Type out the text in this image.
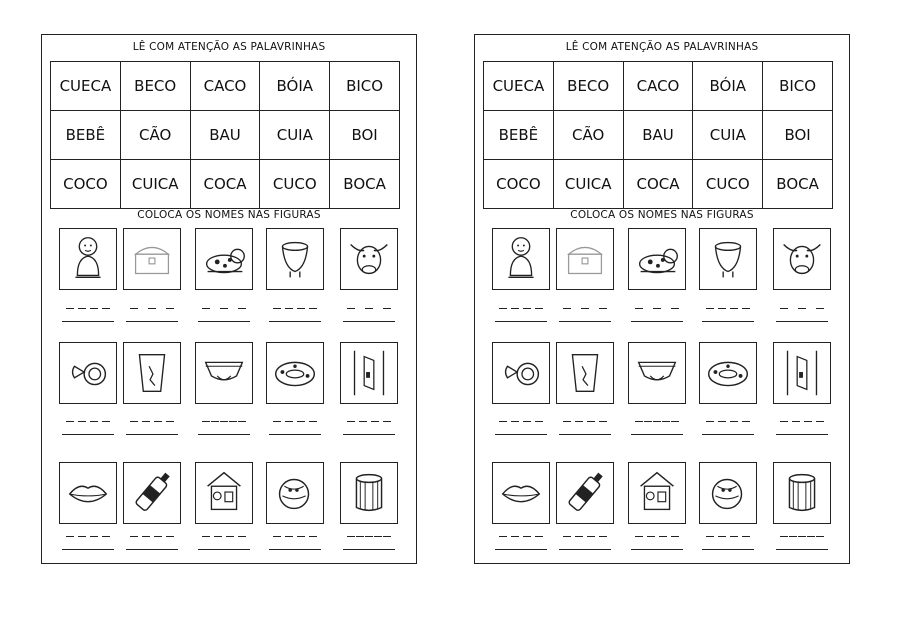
LÊ COM ATENÇÃO AS PALAVRINHAS
CUECA	BECO	CACO	BÓIA	BICO
BEBÊ	CÃO	BAU	CUIA	BOI
COCO	CUICA	COCA	CUCO	BOCA
COLOCA OS NOMES NAS FIGURAS
LÊ COM ATENÇÃO AS PALAVRINHAS
CUECA	BECO	CACO	BÓIA	BICO
BEBÊ	CÃO	BAU	CUIA	BOI
COCO	CUICA	COCA	CUCO	BOCA
COLOCA OS NOMES NAS FIGURAS
